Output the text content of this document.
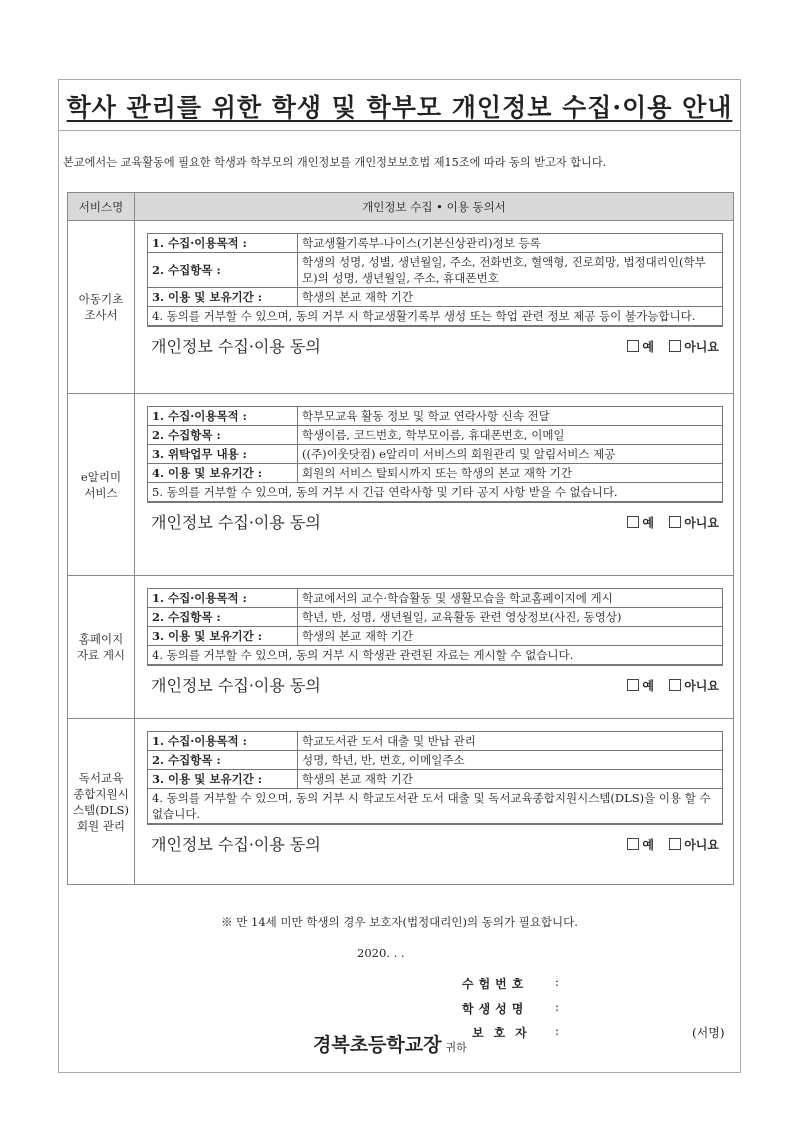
학사 관리를 위한 학생 및 학부모 개인정보 수집·이용 안내
본교에서는 교육활동에 필요한 학생과 학부모의 개인정보를 개인정보보호법 제15조에 따라 동의 받고자 합니다.
서비스명	개인정보 수집 • 이용 동의서
아동기초
조사서
1. 수집·이용목적 :	학교생활기록부-나이스(기본신상관리)정보 등록
2. 수집항목 :
학생의 성명, 성별, 생년월일, 주소, 전화번호, 혈액형, 진로희망, 법정대리인(학부모)의 성명, 생년월일, 주소, 휴대폰번호
3. 이용 및 보유기간 :	학생의 본교 재학 기간
4. 동의를 거부할 수 있으며, 동의 거부 시 학교생활기록부 생성 또는 학업 관련 정보 제공 등이 불가능합니다.
개인정보 수집·이용 동의	예	아니요
e알리미
서비스
1. 수집·이용목적 :	학부모교육 활동 정보 및 학교 연락사항 신속 전달
2. 수집항목 :	학생이름, 코드번호, 학부모이름, 휴대폰번호, 이메일
3. 위탁업무 내용 :	((주)이웃닷컴) e알리미 서비스의 회원관리 및 알림서비스 제공
4. 이용 및 보유기간 :	회원의 서비스 탈퇴시까지 또는 학생의 본교 재학 기간
5. 동의를 거부할 수 있으며, 동의 거부 시 긴급 연락사항 및 기타 공지 사항 받을 수 없습니다.
개인정보 수집·이용 동의	예	아니요
홈페이지
자료 게시
1. 수집·이용목적 :	학교에서의 교수·학습활동 및 생활모습을 학교홈페이지에 게시
2. 수집항목 :	학년, 반, 성명, 생년월일, 교육활동 관련 영상정보(사진, 동영상)
3. 이용 및 보유기간 :	학생의 본교 재학 기간
4. 동의를 거부할 수 있으며, 동의 거부 시 학생관 관련된 자료는 게시할 수 없습니다.
개인정보 수집·이용 동의	예	아니요
독서교육
종합지원시
스템(DLS)
회원 관리
1. 수집·이용목적 :	학교도서관 도서 대출 및 반납 관리
2. 수집항목 :	성명, 학년, 반, 번호, 이메일주소
3. 이용 및 보유기간 :	학생의 본교 재학 기간
4. 동의를 거부할 수 있으며, 동의 거부 시 학교도서관 도서 대출 및 독서교육종합지원시스템(DLS)을 이용 할 수 없습니다.
개인정보 수집·이용 동의	예	아니요
※ 만 14세 미만 학생의 경우 보호자(법정대리인)의 동의가 필요합니다.
2020. . .
수험번호 :
학생성명 :
보호자 :	(서명)
경복초등학교장 귀하
